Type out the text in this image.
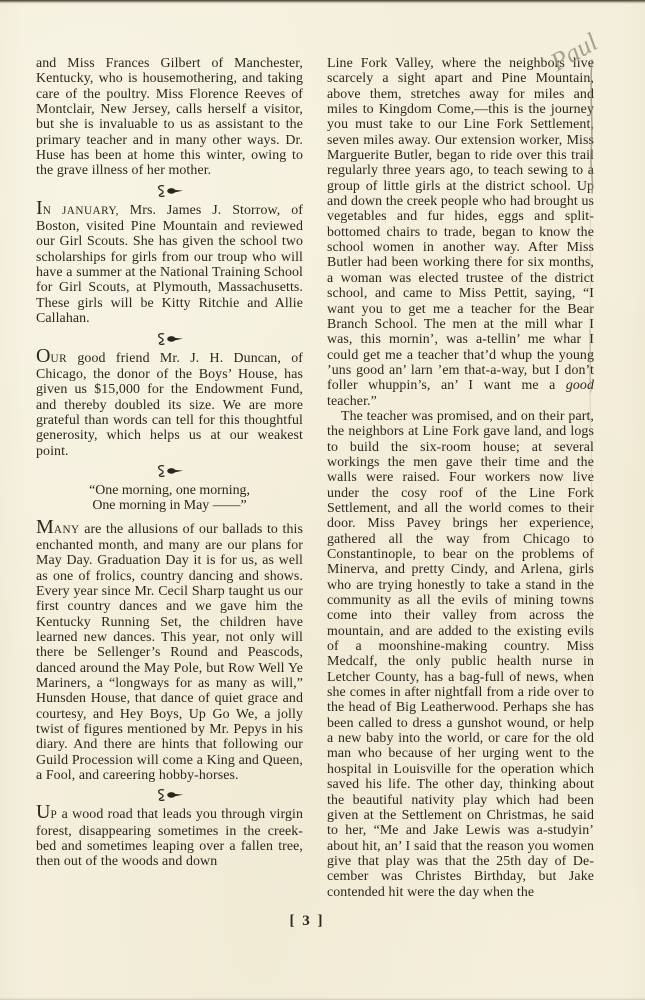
and Miss Frances Gilbert of Manchester, Kentucky, who is housemothering, and taking care of the poultry. Miss Florence Reeves of Montclair, New Jersey, calls herself a visitor, but she is invaluable to us as assistant to the primary teacher and in many other ways. Dr. Huse has been at home this winter, owing to the grave illness of her mother.

IN JANUARY, Mrs. James J. Storrow, of Boston, visited Pine Mountain and reviewed our Girl Scouts. She has given the school two scholarships for girls from our troup who will have a summer at the National Training School for Girl Scouts, at Plymouth, Massachusetts. These girls will be Kitty Ritchie and Allie Callahan.

OUR good friend Mr. J. H. Duncan, of Chicago, the donor of the Boys’ House, has given us $15,000 for the Endowment Fund, and thereby doubled its size. We are more grateful than words can tell for this thoughtful generosity, which helps us at our weakest point.

“One morning, one morning,
One morning in May ——”

MANY are the allusions of our ballads to this enchanted month, and many are our plans for May Day. Graduation Day it is for us, as well as one of frolics, country dancing and shows. Every year since Mr. Cecil Sharp taught us our first country dances and we gave him the Kentucky Running Set, the children have learned new dances. This year, not only will there be Sellenger’s Round and Peascods, danced around the May Pole, but Row Well Ye Mariners, a “longways for as many as will,” Hunsden House, that dance of quiet grace and courtesy, and Hey Boys, Up Go We, a jolly twist of figures mentioned by Mr. Pepys in his diary. And there are hints that following our Guild Procession will come a King and Queen, a Fool, and careering hobby-horses.

UP a wood road that leads you through virgin forest, disappearing sometimes in the creek-bed and sometimes leaping over a fallen tree, then out of the woods and down

Line Fork Valley, where the neighbors live scarcely a sight apart and Pine Mountain, above them, stretches away for miles and miles to Kingdom Come,—this is the journey you must take to our Line Fork Settlement, seven miles away. Our extension worker, Miss Marguerite Butler, began to ride over this trail regularly three years ago, to teach sewing to a group of little girls at the district school. Up and down the creek people who had brought us vegetables and fur hides, eggs and split-bottomed chairs to trade, began to know the school women in another way. After Miss Butler had been working there for six months, a woman was elected trustee of the district school, and came to Miss Pettit, saying, “I want you to get me a teacher for the Bear Branch School. The men at the mill whar I was, this mornin’, was a-tellin’ me whar I could get me a teacher that’d whup the young ’uns good an’ larn ’em that-a-way, but I don’t foller whuppin’s, an’ I want me a good teacher.”

The teacher was promised, and on their part, the neighbors at Line Fork gave land, and logs to build the six-room house; at several workings the men gave their time and the walls were raised. Four workers now live under the cosy roof of the Line Fork Settlement, and all the world comes to their door. Miss Pavey brings her experience, gathered all the way from Chicago to Constantinople, to bear on the problems of Minerva, and pretty Cindy, and Arlena, girls who are trying honestly to take a stand in the community as all the evils of mining towns come into their valley from across the mountain, and are added to the existing evils of a moonshine-making country. Miss Medcalf, the only public health nurse in Letcher County, has a bag-full of news, when she comes in after nightfall from a ride over to the head of Big Leatherwood. Perhaps she has been called to dress a gunshot wound, or help a new baby into the world, or care for the old man who because of her urging went to the hospital in Louisville for the operation which saved his life. The other day, thinking about the beautiful nativity play which had been given at the Settlement on Christmas, he said to her, “Me and Jake Lewis was a-studyin’ about hit, an’ I said that the reason you women give that play was that the 25th day of De-cember was Christes Birthday, but Jake contended hit were the day when the

[ 3 ]
Paul
